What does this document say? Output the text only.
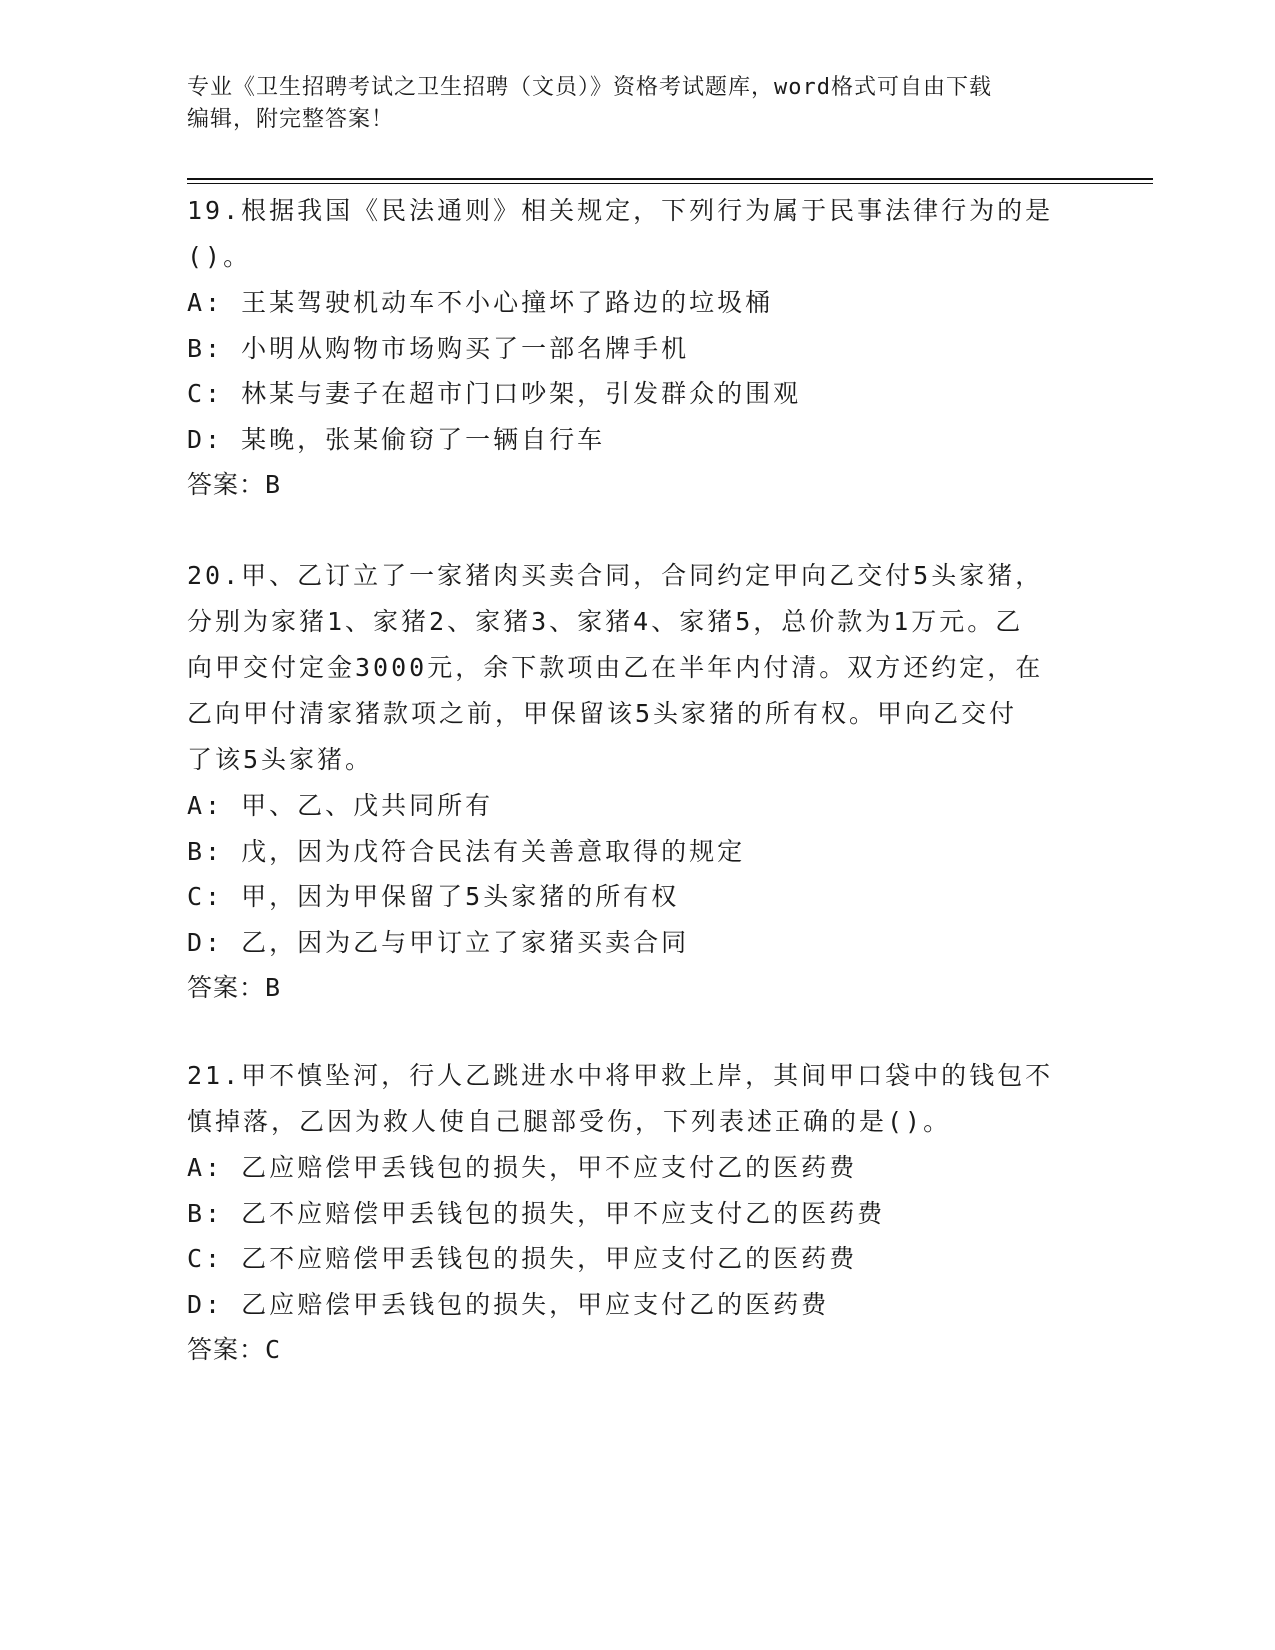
专业《卫生招聘考试之卫生招聘（文员）》资格考试题库，word格式可自由下载
编辑，附完整答案！

19.根据我国《民法通则》相关规定，下列行为属于民事法律行为的是

()。

A: 王某驾驶机动车不小心撞坏了路边的垃圾桶

B: 小明从购物市场购买了一部名牌手机

C: 林某与妻子在超市门口吵架，引发群众的围观

D: 某晚，张某偷窃了一辆自行车

答案：B

20.甲、乙订立了一家猪肉买卖合同，合同约定甲向乙交付5头家猪，

分别为家猪1、家猪2、家猪3、家猪4、家猪5，总价款为1万元。乙

向甲交付定金3000元，余下款项由乙在半年内付清。双方还约定，在

乙向甲付清家猪款项之前，甲保留该5头家猪的所有权。甲向乙交付

了该5头家猪。

A: 甲、乙、戊共同所有

B: 戊，因为戊符合民法有关善意取得的规定

C: 甲，因为甲保留了5头家猪的所有权

D: 乙，因为乙与甲订立了家猪买卖合同

答案：B

21.甲不慎坠河，行人乙跳进水中将甲救上岸，其间甲口袋中的钱包不

慎掉落，乙因为救人使自己腿部受伤，下列表述正确的是()。

A: 乙应赔偿甲丢钱包的损失，甲不应支付乙的医药费

B: 乙不应赔偿甲丢钱包的损失，甲不应支付乙的医药费

C: 乙不应赔偿甲丢钱包的损失，甲应支付乙的医药费

D: 乙应赔偿甲丢钱包的损失，甲应支付乙的医药费

答案：C
